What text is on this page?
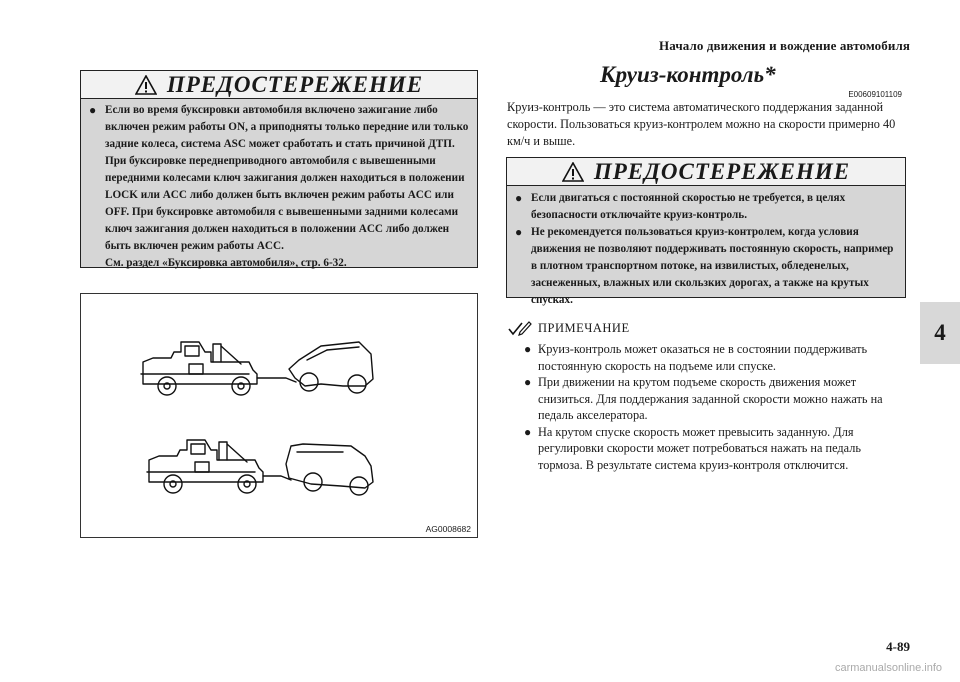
Начало движения и вождение автомобиля
4
ПРЕДОСТЕРЕЖЕНИЕ
● Если во время буксировки автомобиля включено зажигание либо включен режим работы ON, а приподняты только передние или только задние колеса, система ASC может сработать и стать причиной ДТП. При буксировке переднеприводного автомобиля с вывешенными передними колесами ключ зажигания должен находиться в положении LOCK или ACC либо должен быть включен режим работы ACC или OFF. При буксировке автомобиля с вывешенными задними колесами ключ зажигания должен находиться в положении ACC либо должен быть включен режим работы ACC.
См. раздел «Буксировка автомобиля», стр. 6-32.
AG0008682
Круиз-контроль*
E00609101109
Круиз-контроль — это система автоматического поддержания заданной скорости. Пользоваться круиз-контролем можно на скорости примерно 40 км/ч и выше.
ПРЕДОСТЕРЕЖЕНИЕ
● Если двигаться с постоянной скоростью не требуется, в целях безопасности отключайте круиз-контроль.
● Не рекомендуется пользоваться круиз-контролем, когда условия движения не позволяют поддерживать постоянную скорость, например в плотном транспортном потоке, на извилистых, обледенелых, заснеженных, влажных или скользких дорогах, а также на крутых спусках.
ПРИМЕЧАНИЕ
● Круиз-контроль может оказаться не в состоянии поддерживать постоянную скорость на подъеме или спуске.
● При движении на крутом подъеме скорость движения может снизиться. Для поддержания заданной скорости можно нажать на педаль акселератора.
● На крутом спуске скорость может превысить заданную. Для регулировки скорости может потребоваться нажать на педаль тормоза. В результате система круиз-контроля отключится.
4-89
carmanualsonline.info
